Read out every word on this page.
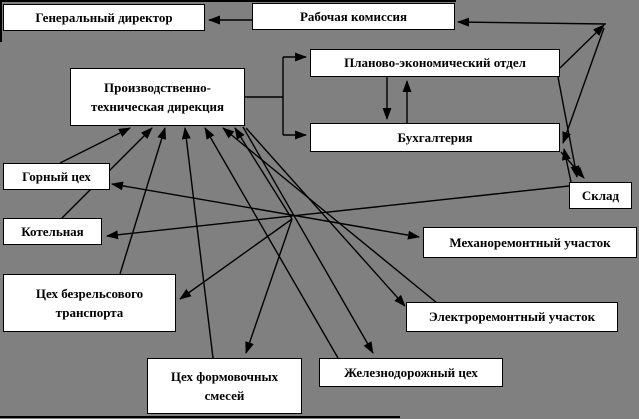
Генеральный директор	Рабочая комиссия
Производственно-
техническая дирекция
Планово-экономический отдел
Бухгалтерия
Горный цех
Котельная
Цех безрельсового
транспорта
Цех формовочных
смесей
Железнодорожный цех
Электроремонтный участок
Механоремонтный участок
Склад
